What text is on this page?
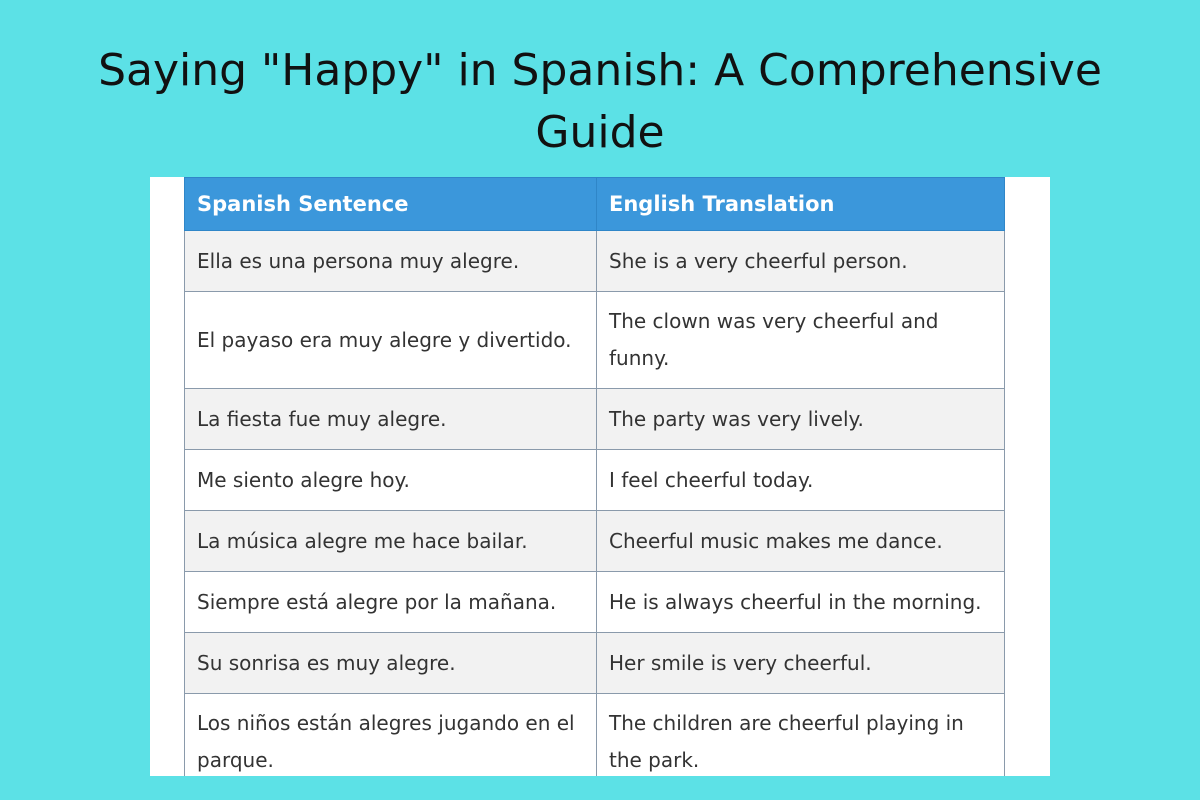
Saying "Happy" in Spanish: A Comprehensive Guide
Spanish Sentence	English Translation
Ella es una persona muy alegre.	She is a very cheerful person.
El payaso era muy alegre y divertido.	The clown was very cheerful and funny.
La fiesta fue muy alegre.	The party was very lively.
Me siento alegre hoy.	I feel cheerful today.
La música alegre me hace bailar.	Cheerful music makes me dance.
Siempre está alegre por la mañana.	He is always cheerful in the morning.
Su sonrisa es muy alegre.	Her smile is very cheerful.
Los niños están alegres jugando en el parque.	The children are cheerful playing in the park.
